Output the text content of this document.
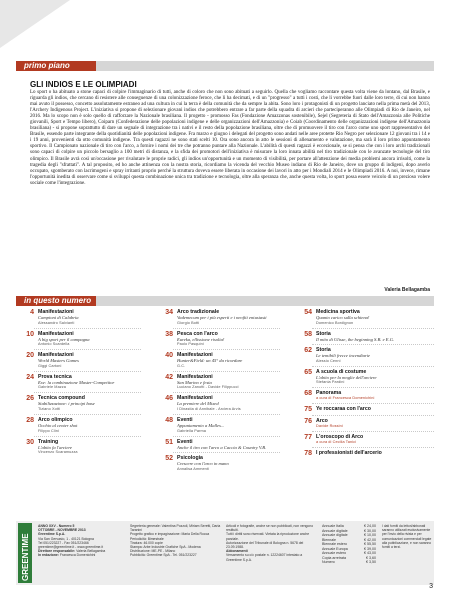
primo piano
GLI INDIOS E LE OLIMPIADI
Lo sport o ha abituato a stone capaci di colpire l'immaginario di tutti, anche di coloro che non sono abituati a seguirlo. Quella che vogliamo raccontare questa volta viene da lontano, dal Brasile, e riguarda gli indios, che cercano di resistere alle conseguenze di una colonizzazione feroce, che li ha decimati, e di un "progresso" a tutti i costi, che li vorrebbe fuori dalle loro terre, di cui non hanno mai avuto il possesso, concetto assolutamente estraneo ad una cultura in cui la terra è della comunità che da sempre la abita. Sono loro i protagonisti di un progetto lanciato nella prima metà del 2013, l'Archery Indigenous Project. L'iniziativa si propone di selezionare giovani indios che potrebbero entrare a far parte della squadra di arcieri che parteciperanno alle Olimpiadi di Rio de Janeiro, nel 2016. Ma lo scopo non è solo quello di rafforzare la Nazionale brasiliana. Il progetto - promosso Fas (Fondazione Amazzonas sostenibile), Sejel (Segreteria di Stato dell'Amazzonia alle Politiche giovanili, Sport e Tempo libero), Coiparn (Confederazione delle popolazioni indigene e delle organizzazioni dell'Amazzonia) e Coiab (Coordinamento delle organizzazioni indigene dell'Amazzonia brasiliana) - si propone soprattutto di dare un segnale di integrazione tra i nativi e il resto della popolazione brasiliana, oltre che di promuovere il tiro con l'arco come uno sport rappresentativo del Brasile, essendo parte integrante della quotidianità delle popolazioni indigene. Fra marzo e giugno i delegati del progetto sono andati nelle aree protette Rio Negro per selezionare 12 giovani tra i 14 e i 19 anni, provenienti da otto comunità indigene. Tra questi ragazzi ne sono stati scelti 10. Ora sono ancora in atto le sessioni di allenamento e valutazione, ma sarà il loro primo appuntamento sportivo. Il Campionato nazionale di tiro con l'arco, a fornire i nomi dei tre che potranno puntare alla Nazionale. L'abilità di questi ragazzi è eccezionale, se si pensa che con i loro archi tradizionali sono capaci di colpire un piccolo bersaglio a 100 metri di distanza, e la sfida dei promotori dell'iniziativa è misurare la loro innata abilità nel tiro tradizionale con le avanzate tecnologie del tiro olimpico. Il Brasile avrà così un'occasione per rivalutare le proprie radici, gli indios un'opportunità e un momento di visibilità, per portare all'attenzione dei media problemi ancora irrisolti, come la tragedia degli "sfrattati". A tal proposito, ed ho anche attinenza con la nostra storia, ricordiamo la vicenda del vecchio Museo indiano di Rio de Janeiro, dove un gruppo di indigeni, dopo averlo occupato, sgomberato con lacrimogeni e spray irritanti proprio perché la struttura doveva essere liberata in occasione dei lavori in atto per i Mondiali 2014 e le Olimpiadi 2016. A noi, invece, rimane l'opportunità inedita di osservare come si sviluppi questa combinazione unica tra tradizione e tecnologia, oltre alla speranza che, anche questa volta, lo sport possa essere veicolo di un prezioso volere sociale come l'integrazione.
Valeria Bellagamba
in questo numero
4 Manifestazioni
Campioni di Calabria
Alessandro Salvianti
10 Manifestazioni
A big sport per il campagna
Antonio Scardella
20 Manifestazioni
World Masters Games
Giggi Cartoni
24 Prova tecnica
Exe: la combinazione Master-Competitor
Gabriele Mazza
26 Tecnica compound
Stabilizzazione: i principi base
Tiziano Xotti
28 Arco olimpico
Occhio al center shot
Filippo Clini
30 Training
L'abito fa l'arciere
Vincenzo Scaramuzza
34 Arco tradizionale
Vademecum per i più esperti e i neofiti entusiasti
Giorgio Botti
38 Pesca con l'arco
Eureka, ellissione risolta!
Paolo Pasquini
40 Manifestazioni
Hunter&Field: un 45° da ricordare
G.C.
42 Manifestazioni
San Marino e festa
Luciano Zanotti - Davide Filippucci
46 Manifestazioni
La premiere del Mixed
I Dinastia di Annibale - Arciera Arvis
48 Eventi
Appuntamento a Malles...
Gabriella Parma
51 Eventi
Anche il tiro con l'arco a Caccia & Country V.B.
52 Psicologia
Crescere con l'arco in mano
Annalisa Ammenti
54 Medicina sportiva
Quanto carico sulla schiena!
Domenico Bordignon
58 Storia
Il mito di Ulisse, the beginning S.B. e E.G.
62 Storia
Le temibili frecce incendiarie
Alessio Cenni
65 A scuola di costume
L'abito per la moglie dell'arciere
Stefania Pardini
68 Panorama
a cura di Francesca Domenichini
75 Ye roccaraa con l'arco
76 Arco
Davide Rossini
77 L'oroscopo di Arco
a cura di Cecilia Tanici
78 I professionisti dell'arcerio
GREENTIME
ANNO XXV - Numero 5
OTTOBRE - NOVEMBRE 2013
Greentime S.p.A.
Via San Gervasio, 1 - 40121 Bologna
Tel 051/223227 - Fax 051/223466
greentime@greentime.it - www.greentime.it
Direttore responsabile: Valeria Bellagamba
In redazione: Francesca Domenichini
Segreteria generale: Valentina Pozzoli, Miriam Seretti, Daria Taranini
Progetto grafico e impaginazione: Maria Della Rocca
Periodicità: Bimestrale
Tiratura: 46.000 copie
Stampa: Arbe Industrie Grafiche SpA - Modena
Distribuzione: ME-PE - Milano
Pubblicità: Greentime SpA - Tel. 051/223227
Articoli e fotografie, anche se non pubblicati, non vengono restituiti.
Tutti i diritti sono riservati. Vietata la riproduzione anche parziale.
Autorizzazione del Tribunale di Bologna n. 5678 del 23.09.1988.
Abbonamenti
Versamento su c/c postale n. 12224607 intestato a Greentime S.p.A.
Annuale Italia	€ 24,00
Annuale digitale	€ 30,00
Annuale digitale	€ 10,00
Biennale	€ 42,00
Biennale estero	€ 55,50
Annuale Europa	€ 39,00
Annuale estero	€ 43,00
Copia arretrata	€ 3,60
Numero	€ 3,50
I dati forniti da lettori/abbonati saranno utilizzati esclusivamente per l'invio della rivista e per comunicazioni commerciali legate alla pubblicazione, e non saranno forniti a terzi.
3
